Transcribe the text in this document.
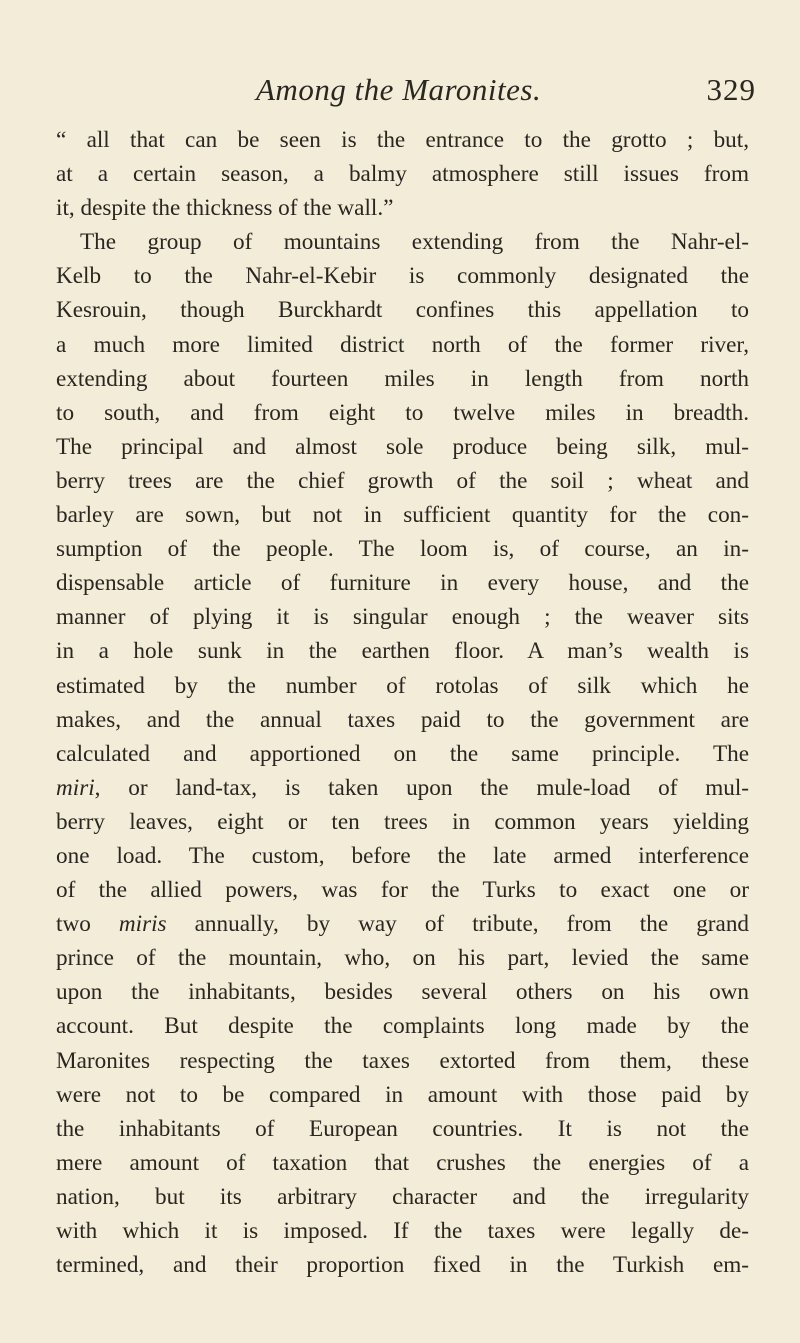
Among the Maronites.	329
“ all that can be seen is the entrance to the grotto ; but,
at a certain season, a balmy atmosphere still issues from
it, despite the thickness of the wall.”
The group of mountains extending from the Nahr-el-
Kelb to the Nahr-el-Kebir is commonly designated the
Kesrouin, though Burckhardt confines this appellation to
a much more limited district north of the former river,
extending about fourteen miles in length from north
to south, and from eight to twelve miles in breadth.
The principal and almost sole produce being silk, mul-
berry trees are the chief growth of the soil ; wheat and
barley are sown, but not in sufficient quantity for the con-
sumption of the people. The loom is, of course, an in-
dispensable article of furniture in every house, and the
manner of plying it is singular enough ; the weaver sits
in a hole sunk in the earthen floor. A man’s wealth is
estimated by the number of rotolas of silk which he
makes, and the annual taxes paid to the government are
calculated and apportioned on the same principle. The
miri, or land-tax, is taken upon the mule-load of mul-
berry leaves, eight or ten trees in common years yielding
one load. The custom, before the late armed interference
of the allied powers, was for the Turks to exact one or
two miris annually, by way of tribute, from the grand
prince of the mountain, who, on his part, levied the same
upon the inhabitants, besides several others on his own
account. But despite the complaints long made by the
Maronites respecting the taxes extorted from them, these
were not to be compared in amount with those paid by
the inhabitants of European countries. It is not the
mere amount of taxation that crushes the energies of a
nation, but its arbitrary character and the irregularity
with which it is imposed. If the taxes were legally de-
termined, and their proportion fixed in the Turkish em-
